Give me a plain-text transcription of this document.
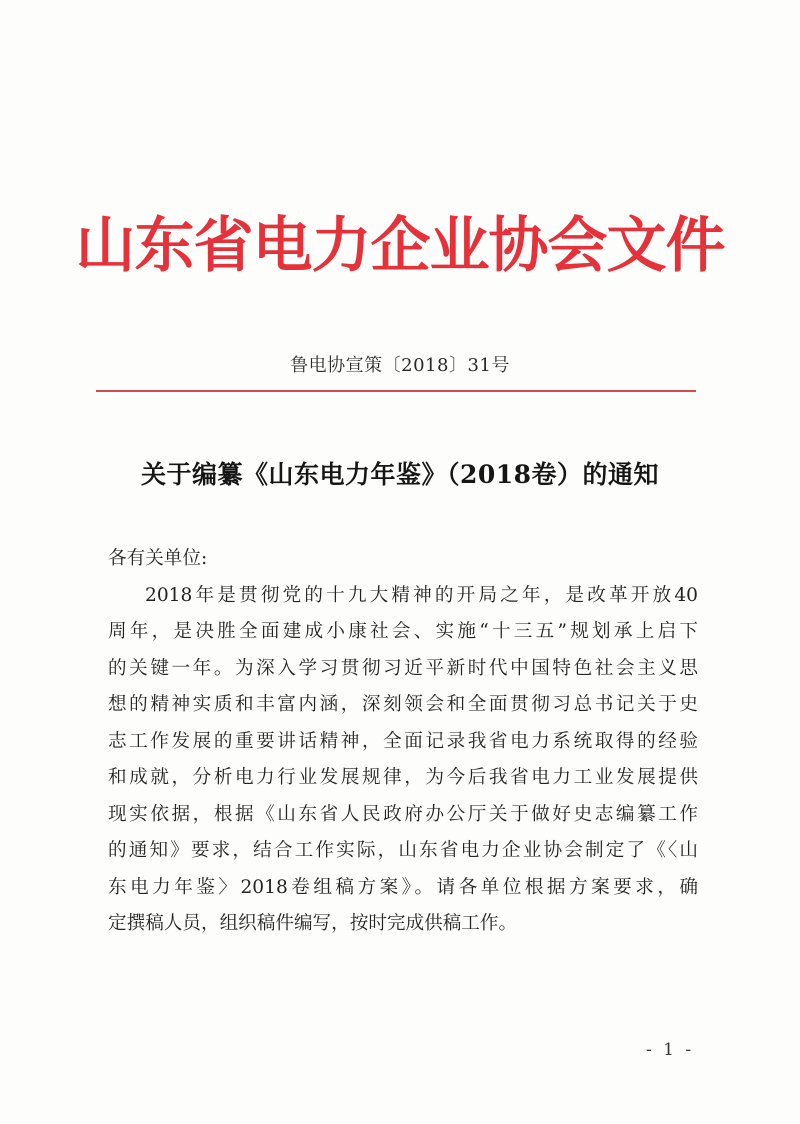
山东省电力企业协会文件
鲁电协宣策〔2018〕31号
关于编纂《山东电力年鉴》（2018卷）的通知
各有关单位:
2018年是贯彻党的十九大精神的开局之年，是改革开放40
周年，是决胜全面建成小康社会、实施“十三五”规划承上启下
的关键一年。为深入学习贯彻习近平新时代中国特色社会主义思
想的精神实质和丰富内涵，深刻领会和全面贯彻习总书记关于史
志工作发展的重要讲话精神，全面记录我省电力系统取得的经验
和成就，分析电力行业发展规律，为今后我省电力工业发展提供
现实依据，根据《山东省人民政府办公厅关于做好史志编纂工作
的通知》要求，结合工作实际，山东省电力企业协会制定了《〈山
东电力年鉴〉2018卷组稿方案》。请各单位根据方案要求，确
定撰稿人员，组织稿件编写，按时完成供稿工作。
- 1 -
